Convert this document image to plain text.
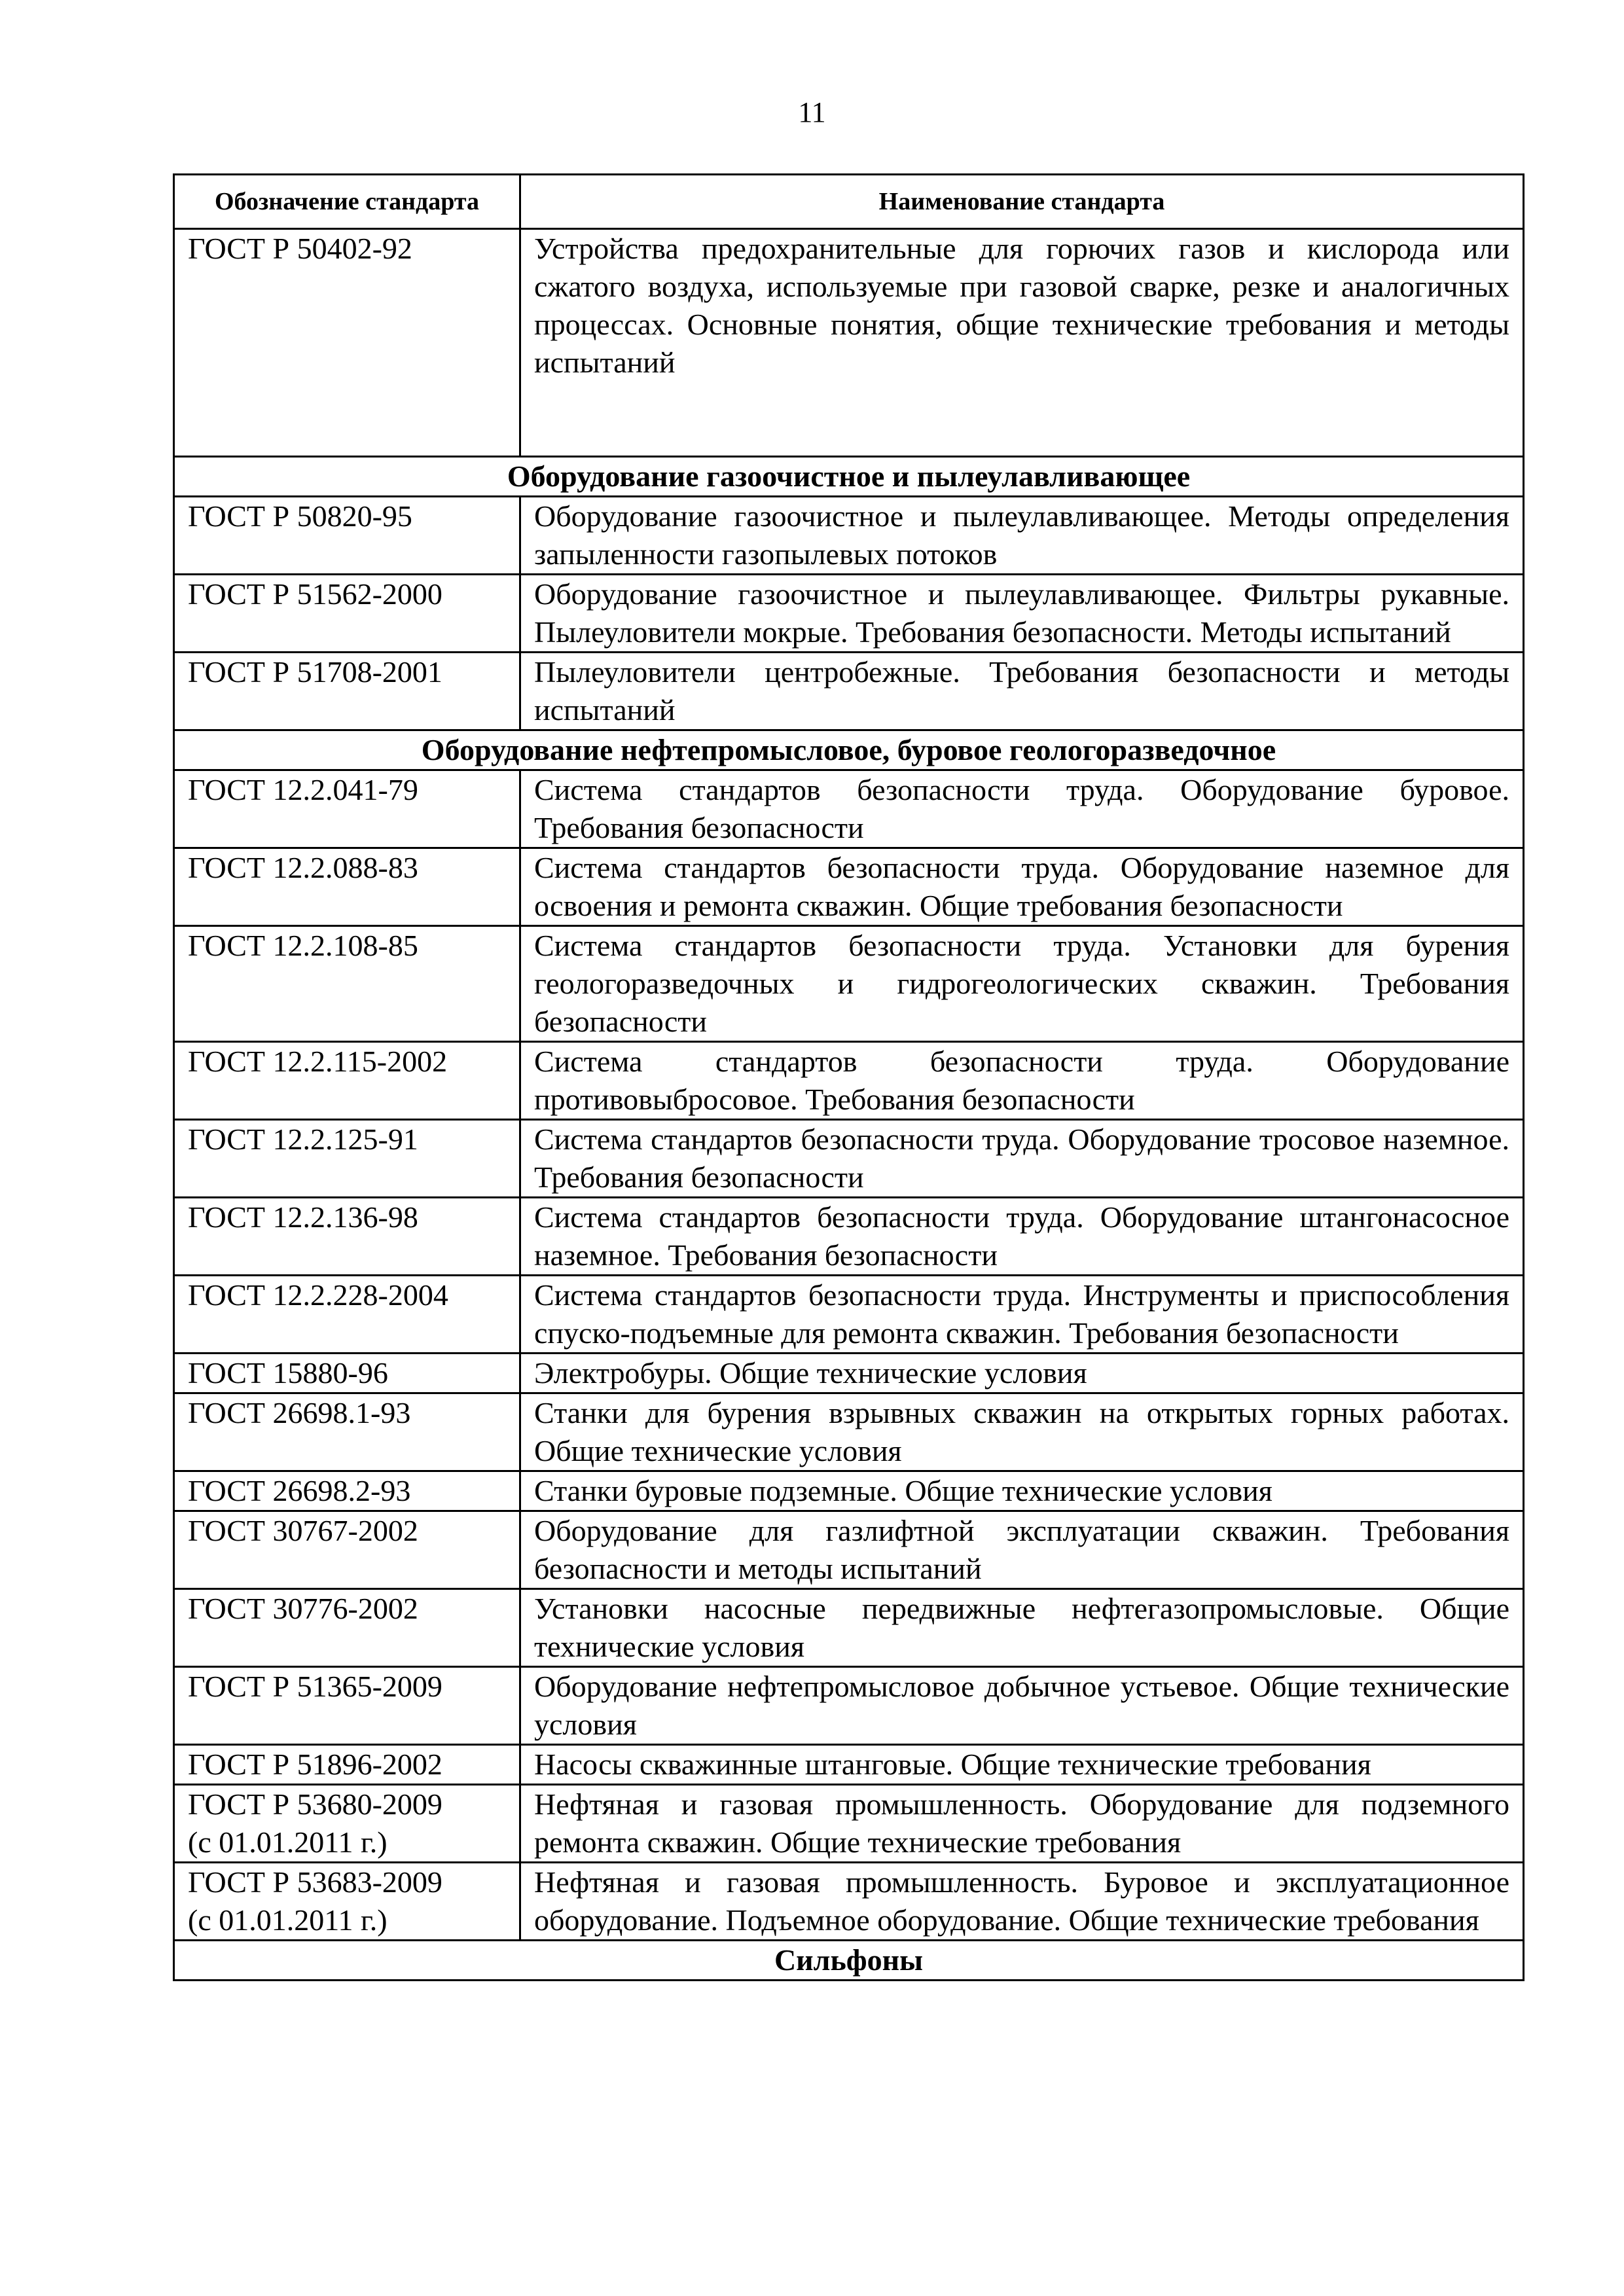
11
Обозначение стандарта	Наименование стандарта
ГОСТ Р 50402-92	Устройства предохранительные для горючих газов и кислорода или сжатого воздуха, используемые при газовой сварке, резке и аналогичных процессах. Основные понятия, общие технические требования и методы испытаний
Оборудование газоочистное и пылеулавливающее	
ГОСТ Р 50820-95	Оборудование газоочистное и пылеулавливающее. Методы определения запыленности газопылевых потоков
ГОСТ Р 51562-2000	Оборудование газоочистное и пылеулавливающее. Фильтры рукавные. Пылеуловители мокрые. Требования безопасности. Методы испытаний
ГОСТ Р 51708-2001	Пылеуловители центробежные. Требования безопасности и методы испытаний
Оборудование нефтепромысловое, буровое геологоразведочное	
ГОСТ 12.2.041-79	Система стандартов безопасности труда. Оборудование буровое. Требования безопасности
ГОСТ 12.2.088-83	Система стандартов безопасности труда. Оборудование наземное для освоения и ремонта скважин. Общие требования безопасности
ГОСТ 12.2.108-85	Система стандартов безопасности труда. Установки для бурения геологоразведочных и гидрогеологических скважин. Требования безопасности
ГОСТ 12.2.115-2002	Система стандартов безопасности труда. Оборудование противовыбросовое. Требования безопасности
ГОСТ 12.2.125-91	Система стандартов безопасности труда. Оборудование тросовое наземное. Требования безопасности
ГОСТ 12.2.136-98	Система стандартов безопасности труда. Оборудование штангонасосное наземное. Требования безопасности
ГОСТ 12.2.228-2004	Система стандартов безопасности труда. Инструменты и приспособления спуско-подъемные для ремонта скважин. Требования безопасности
ГОСТ 15880-96	Электробуры. Общие технические условия
ГОСТ 26698.1-93	Станки для бурения взрывных скважин на открытых горных работах. Общие технические условия
ГОСТ 26698.2-93	Станки буровые подземные. Общие технические условия
ГОСТ 30767-2002	Оборудование для газлифтной эксплуатации скважин. Требования безопасности и методы испытаний
ГОСТ 30776-2002	Установки насосные передвижные нефтегазопромысловые. Общие технические условия
ГОСТ Р 51365-2009	Оборудование нефтепромысловое добычное устьевое. Общие технические условия
ГОСТ Р 51896-2002	Насосы скважинные штанговые. Общие технические требования

ГОСТ Р 53680-2009
(с 01.01.2011 г.)	Нефтяная и газовая промышленность. Оборудование для подземного ремонта скважин. Общие технические требования

ГОСТ Р 53683-2009
(с 01.01.2011 г.)	Нефтяная и газовая промышленность. Буровое и эксплуатационное оборудование. Подъемное оборудование. Общие технические требования
Сильфоны	
